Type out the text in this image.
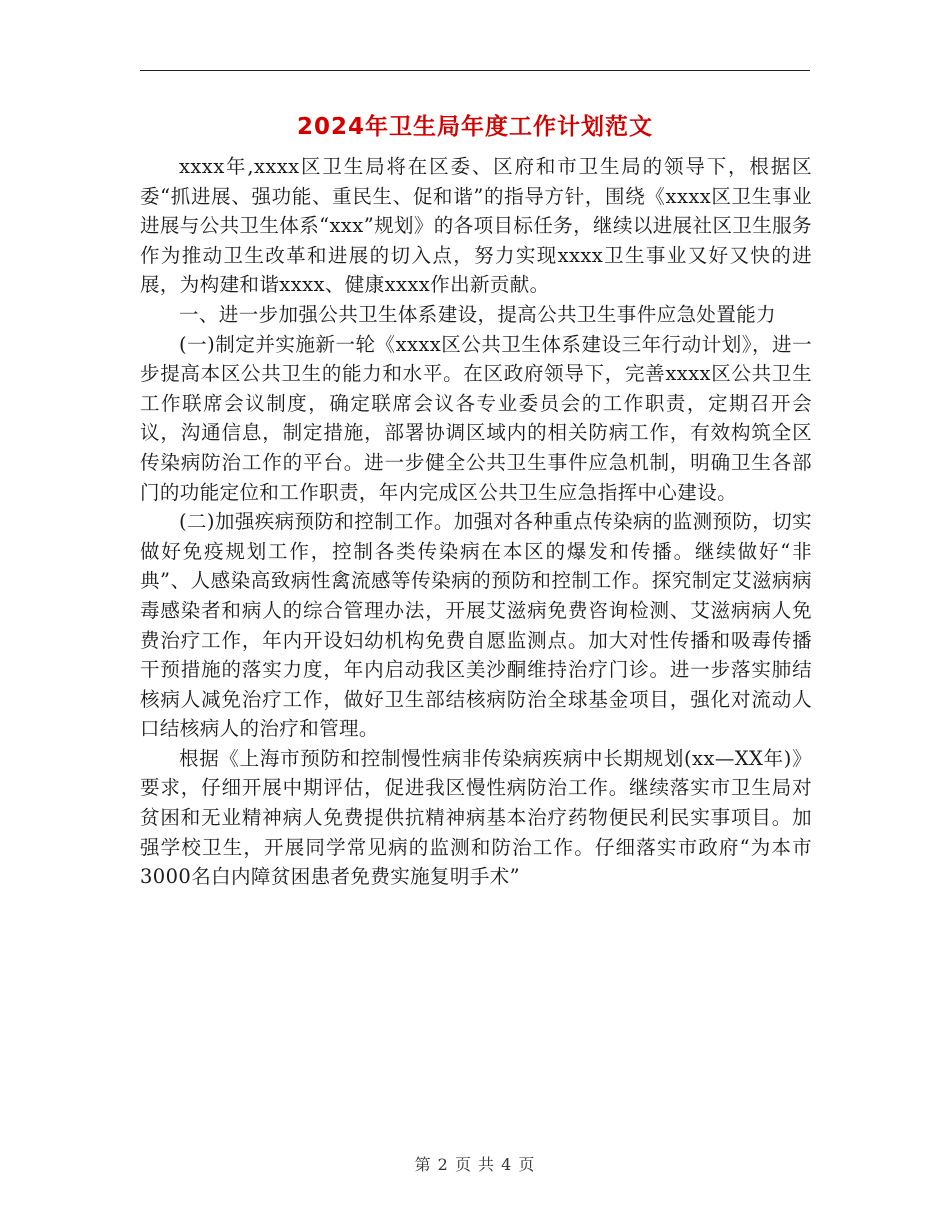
2024年卫生局年度工作计划范文

xxxx年,xxxx区卫生局将在区委、区府和市卫生局的领导下，根据区委“抓进展、强功能、重民生、促和谐”的指导方针，围绕《xxxx区卫生事业进展与公共卫生体系“xxx”规划》的各项目标任务，继续以进展社区卫生服务作为推动卫生改革和进展的切入点，努力实现xxxx卫生事业又好又快的进展，为构建和谐xxxx、健康xxxx作出新贡献。

一、进一步加强公共卫生体系建设，提高公共卫生事件应急处置能力

(一)制定并实施新一轮《xxxx区公共卫生体系建设三年行动计划》，进一步提高本区公共卫生的能力和水平。在区政府领导下，完善xxxx区公共卫生工作联席会议制度，确定联席会议各专业委员会的工作职责，定期召开会议，沟通信息，制定措施，部署协调区域内的相关防病工作，有效构筑全区传染病防治工作的平台。进一步健全公共卫生事件应急机制，明确卫生各部门的功能定位和工作职责，年内完成区公共卫生应急指挥中心建设。

(二)加强疾病预防和控制工作。加强对各种重点传染病的监测预防，切实做好免疫规划工作，控制各类传染病在本区的爆发和传播。继续做好“非典”、人感染高致病性禽流感等传染病的预防和控制工作。探究制定艾滋病病毒感染者和病人的综合管理办法，开展艾滋病免费咨询检测、艾滋病病人免费治疗工作，年内开设妇幼机构免费自愿监测点。加大对性传播和吸毒传播干预措施的落实力度，年内启动我区美沙酮维持治疗门诊。进一步落实肺结核病人减免治疗工作，做好卫生部结核病防治全球基金项目，强化对流动人口结核病人的治疗和管理。

根据《上海市预防和控制慢性病非传染病疾病中长期规划(xx—XX年)》要求，仔细开展中期评估，促进我区慢性病防治工作。继续落实市卫生局对贫困和无业精神病人免费提供抗精神病基本治疗药物便民利民实事项目。加强学校卫生，开展同学常见病的监测和防治工作。仔细落实市政府“为本市3000名白内障贫困患者免费实施复明手术”

第 2 页 共 4 页
